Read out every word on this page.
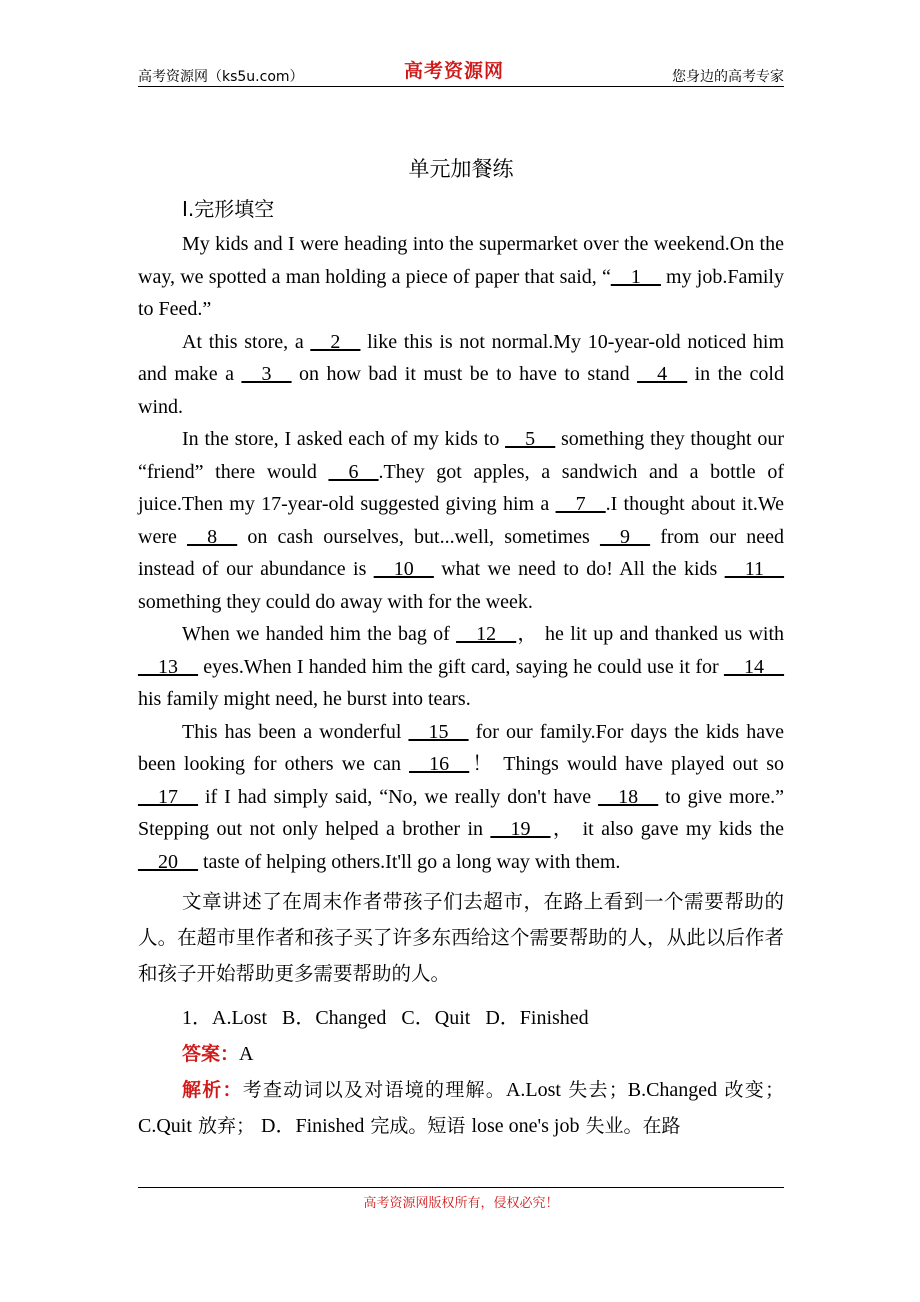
高考资源网（ks5u.com）	高考资源网	您身边的高考专家
单元加餐练
Ⅰ.完形填空

My kids and I were heading into the supermarket over the weekend.On the way, we spotted a man holding a piece of paper that said, “__1__ my job.Family to Feed.”

At this store, a __2__ like this is not normal.My 10-year-old noticed him and make a __3__ on how bad it must be to have to stand __4__ in the cold wind.

In the store, I asked each of my kids to __5__ something they thought our “friend” there would __6__.They got apples, a sandwich and a bottle of juice.Then my 17-year-old suggested giving him a __7__.I thought about it.We were __8__ on cash ourselves, but...well, sometimes __9__ from our need instead of our abundance is __10__ what we need to do! All the kids __11__ something they could do away with for the week.

When we handed him the bag of __12__， he lit up and thanked us with __13__ eyes.When I handed him the gift card, saying he could use it for __14__ his family might need, he burst into tears.

This has been a wonderful __15__ for our family.For days the kids have been looking for others we can __16__！ Things would have played out so __17__ if I had simply said, “No, we really don't have __18__ to give more.” Stepping out not only helped a brother in __19__， it also gave my kids the __20__ taste of helping others.It'll go a long way with them.

文章讲述了在周末作者带孩子们去超市，在路上看到一个需要帮助的人。在超市里作者和孩子买了许多东西给这个需要帮助的人，从此以后作者和孩子开始帮助更多需要帮助的人。

1．A.Lost   B．Changed   C．Quit   D．Finished
答案：A

解析：考查动词以及对语境的理解。A.Lost 失去；B.Changed 改变；C.Quit 放弃； D．Finished 完成。短语 lose one's job 失业。在路

高考资源网版权所有，侵权必究！
